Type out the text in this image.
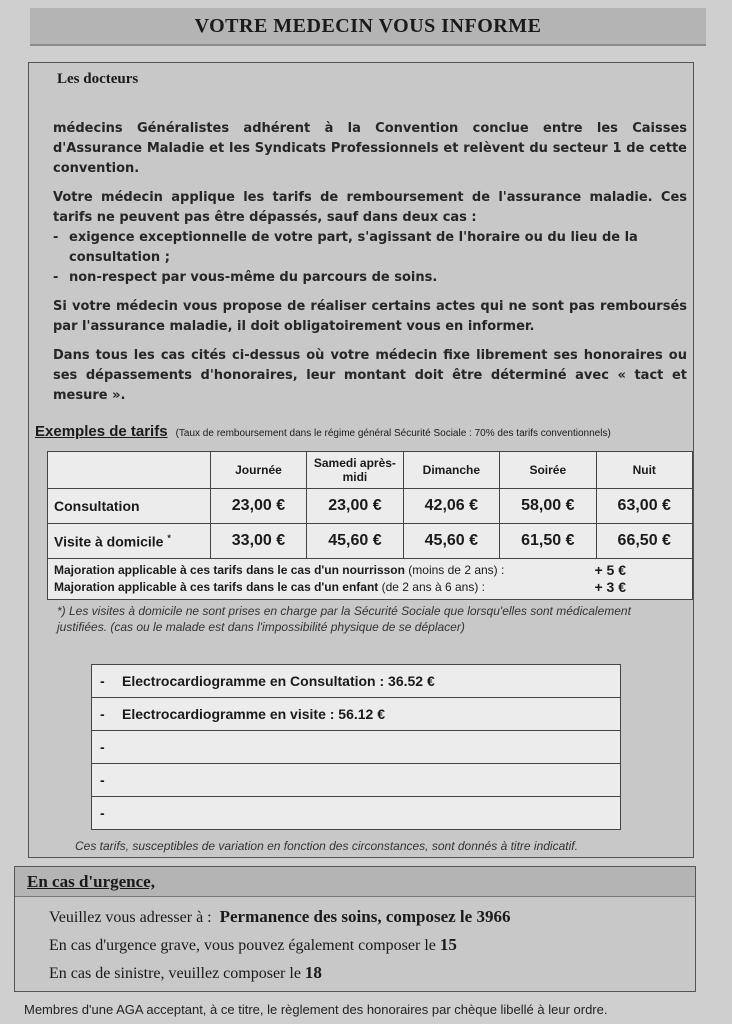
VOTRE MEDECIN VOUS INFORME
Les docteurs

médecins Généralistes adhérent à la Convention conclue entre les Caisses d'Assurance Maladie et les Syndicats Professionnels et relèvent du secteur 1 de cette convention.

Votre médecin applique les tarifs de remboursement de l'assurance maladie. Ces tarifs ne peuvent pas être dépassés, sauf dans deux cas :

- exigence exceptionnelle de votre part, s'agissant de l'horaire ou du lieu de la consultation ;
- non-respect par vous-même du parcours de soins.

Si votre médecin vous propose de réaliser certains actes qui ne sont pas remboursés par l'assurance maladie, il doit obligatoirement vous en informer.

Dans tous les cas cités ci-dessus où votre médecin fixe librement ses honoraires ou ses dépassements d'honoraires, leur montant doit être déterminé avec « tact et mesure ».

Exemples de tarifs (Taux de remboursement dans le régime général Sécurité Sociale : 70% des tarifs conventionnels)
	Journée	Samedi après-midi	Dimanche	Soirée	Nuit
Consultation	23,00 €	23,00 €	42,06 €	58,00 €	63,00 €
Visite à domicile *	33,00 €	45,60 €	45,60 €	61,50 €	66,50 €

Majoration applicable à ces tarifs dans le cas d'un nourrisson (moins de 2 ans) : + 5 €
Majoration applicable à ces tarifs dans le cas d'un enfant (de 2 ans à 6 ans) : + 3 €					
*) Les visites à domicile ne sont prises en charge par la Sécurité Sociale que lorsqu'elles sont médicalement justifiées. (cas ou le malade est dans l'impossibilité physique de se déplacer)
- Electrocardiogramme en Consultation : 36.52 €
- Electrocardiogramme en visite : 56.12 €
-
-
-
Ces tarifs, susceptibles de variation en fonction des circonstances, sont donnés à titre indicatif.
En cas d'urgence,
Veuillez vous adresser à : Permanence des soins, composez le 3966
En cas d'urgence grave, vous pouvez également composer le 15
En cas de sinistre, veuillez composer le 18
Membres d'une AGA acceptant, à ce titre, le règlement des honoraires par chèque libellé à leur ordre.
